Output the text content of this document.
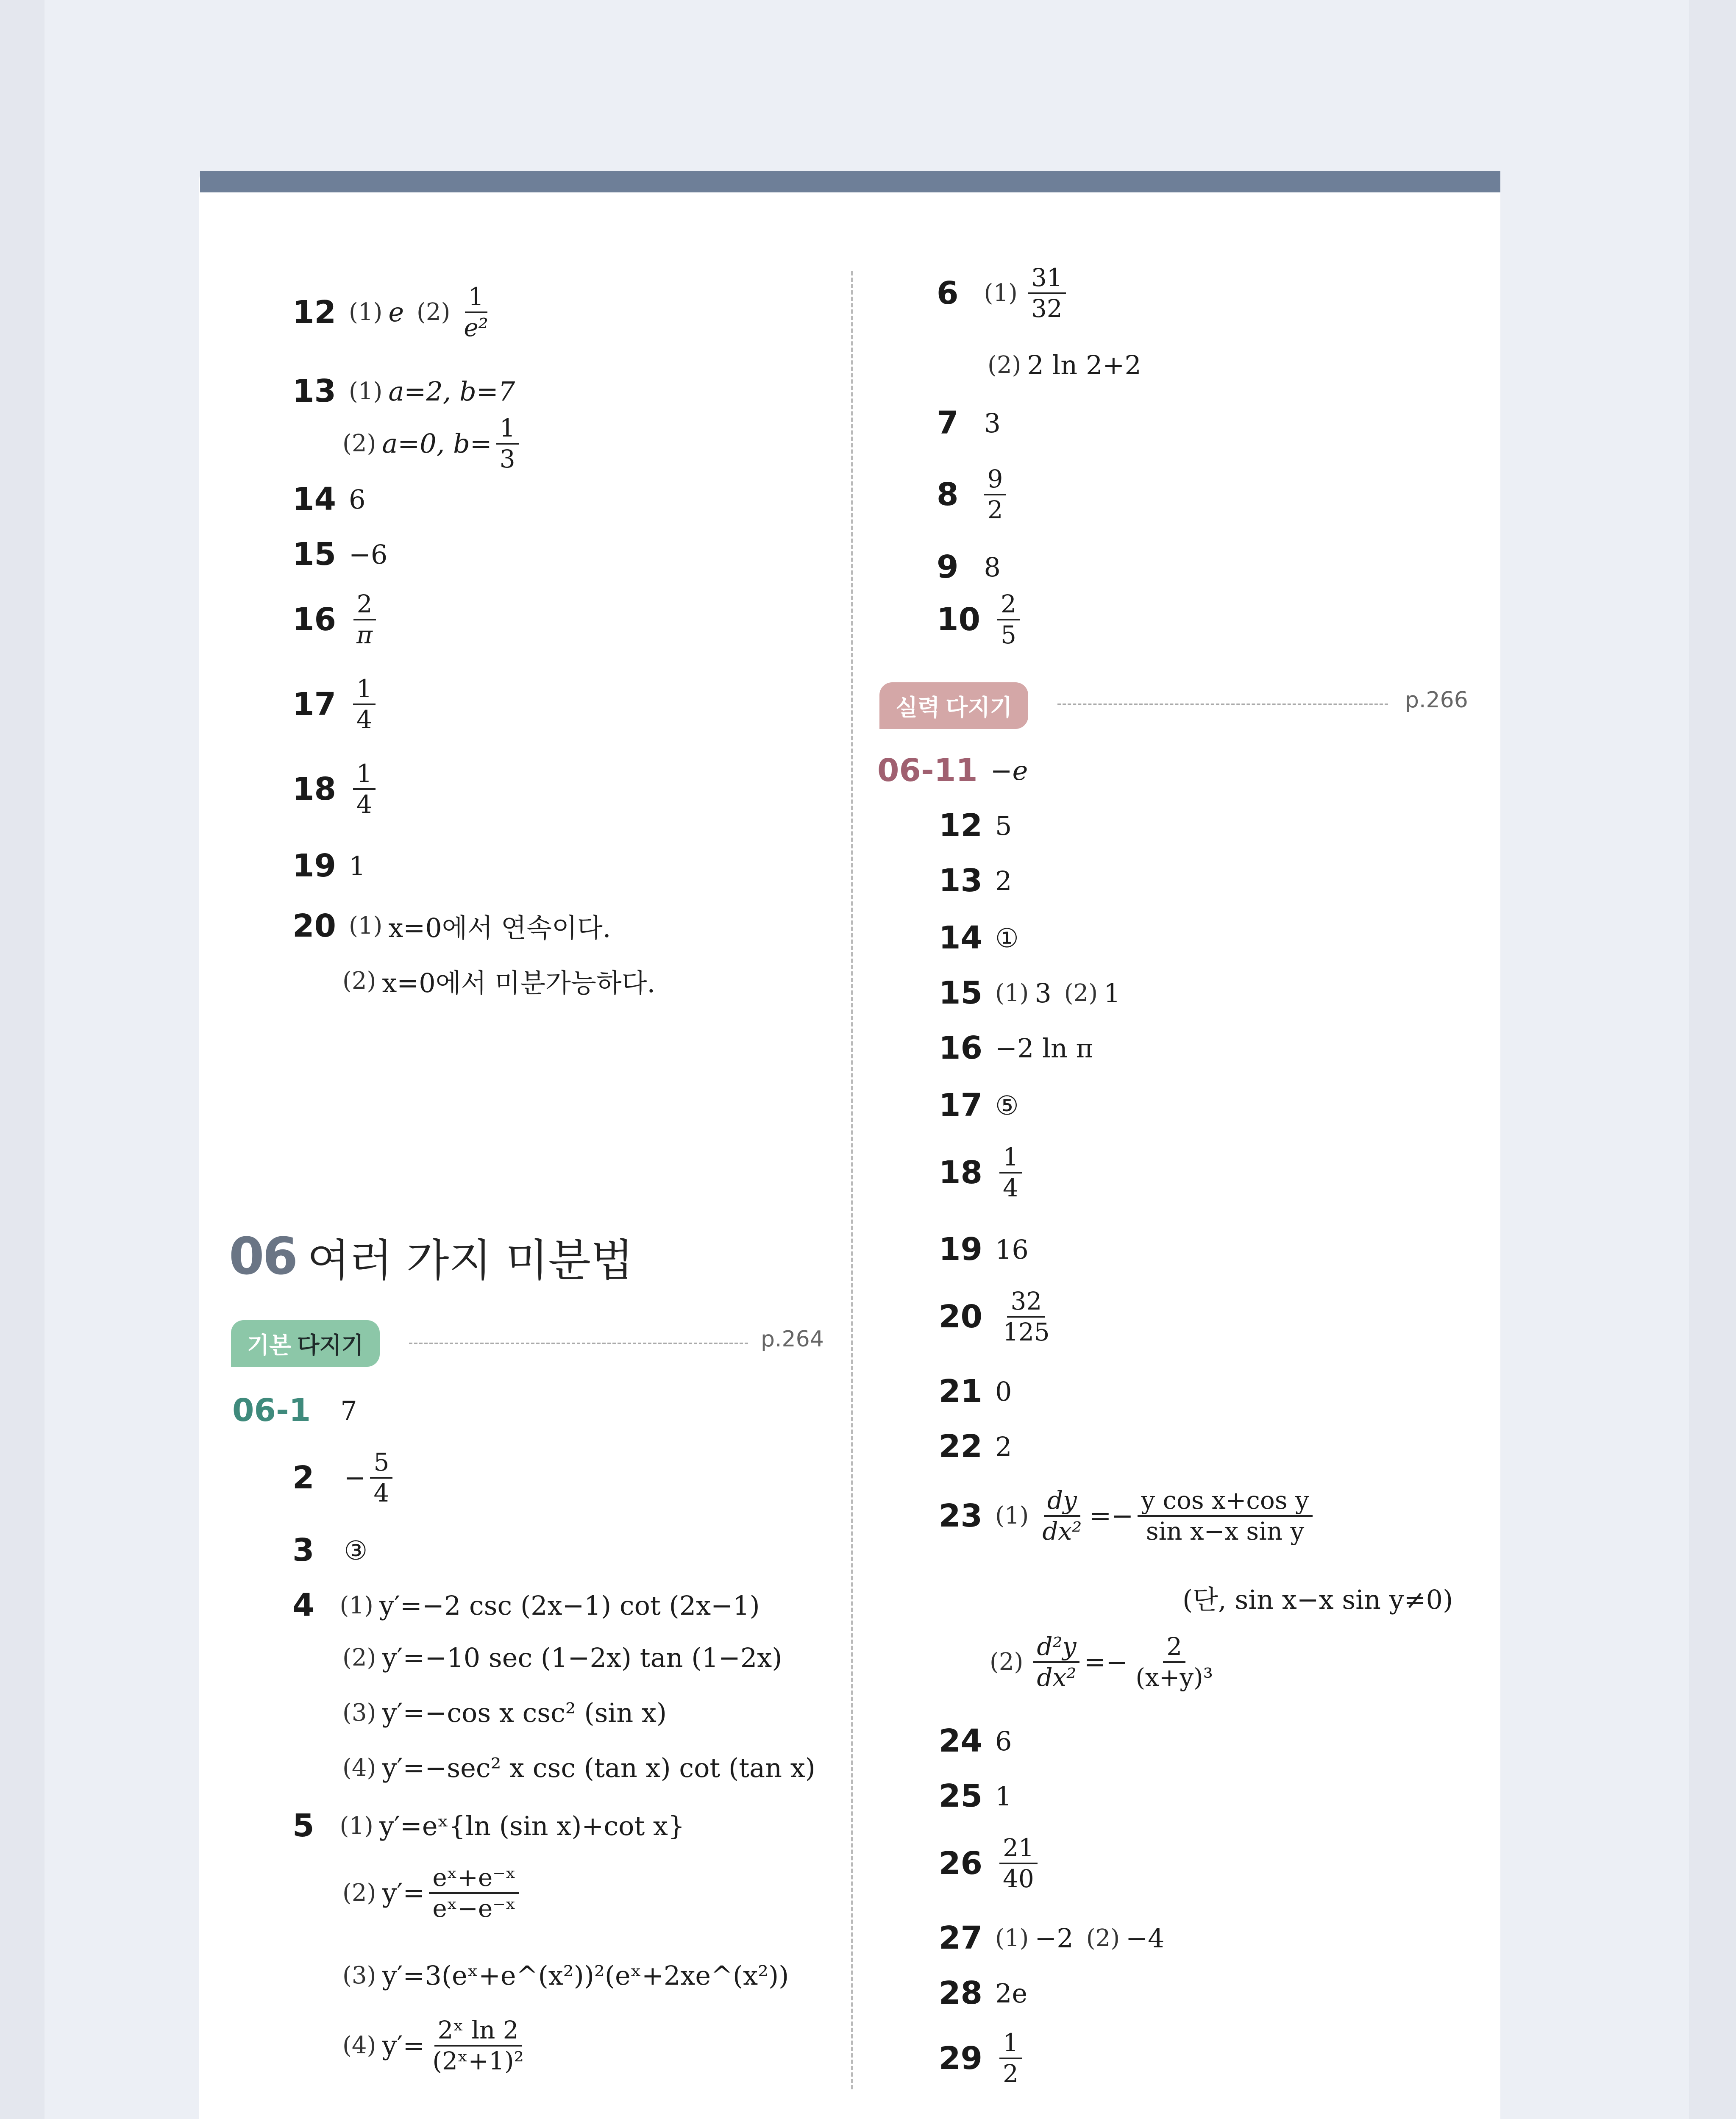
12 (1) e $(2) \frac{1}{\text{e²}}$
13 (1) a=2, b=7
(2) a=0, $b= \frac{1}{3}$
14 6
15 −6
$16 \frac{2}{\pi}$
$17 \frac{1}{4}$
$18 \frac{1}{4}$
19 1
20 (1) x=0에서 연속이다.
(2) x=0에서 미분가능하다.
06 여러 가지 미분법
기본 다지기	p.264
06-1 7
$2 - \frac{5}{4}$
3 ③
4 (1) y′=−2 csc (2x−1) cot (2x−1)
(2) y′=−10 sec (1−2x) tan (1−2x)
(3) y′=−cos x csc² (sin x)
(4) y′=−sec² x csc (tan x) cot (tan x)
5 (1) y′=eˣ{ln (sin x)+cot x}
(2) $y'= \frac{\text{eˣ+e⁻ˣ}}{\text{eˣ−e⁻ˣ}}$
(3) y′=3(eˣ+e^(x²))²(eˣ+2xe^(x²))
(4) $y'= \frac{\text{2ˣ ln 2}}{\text{(2ˣ+1)²}}$
6 $(1) \frac{31}{32}$
(2) 2 ln 2+2
7 3
$8 \frac{9}{2}$
9 8
$10 \frac{2}{5}$
실력 다지기	p.266
06-11 −e
12 5
13 2
14 ①
15 (1) 3 (2) 1
16 −2 ln π
17 ⑤
$18 \frac{1}{4}$
19 16
$20 \frac{32}{125}$
21 0
22 2
23 $(1) \frac{dy}{\text{dx²}} =- \frac{\text{y cos x+cos y}}{\text{sin x−x sin y}}$
(단, sin x−x sin y≠0)
$(2) \frac{\text{d²y}}{\text{dx²}} =- \frac{2}{\text{(x+y)³}}$
24 6
25 1
$26 \frac{21}{40}$
27 (1) −2 (2) −4
28 2e
$29 \frac{1}{2}$
